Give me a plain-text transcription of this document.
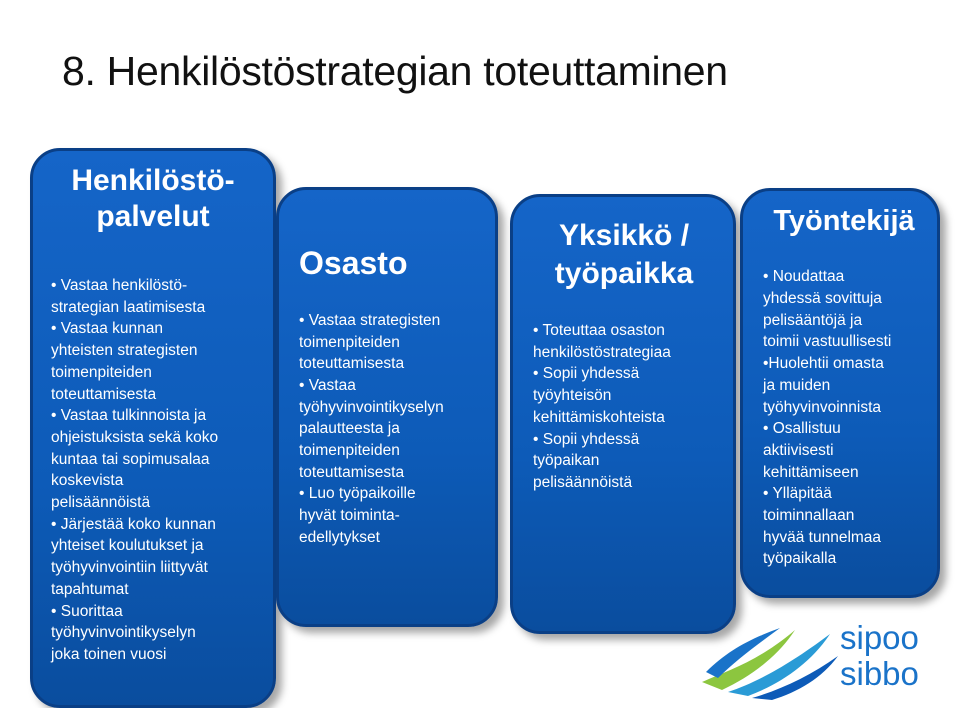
8. Henkilöstöstrategian toteuttaminen
Henkilöstö-
palvelut
• Vastaa henkilöstö-
strategian laatimisesta
• Vastaa kunnan
yhteisten strategisten
toimenpiteiden
toteuttamisesta
• Vastaa tulkinnoista ja
ohjeistuksista sekä koko
kuntaa tai sopimusalaa
koskevista
pelisäännöistä
• Järjestää koko kunnan
yhteiset koulutukset ja
työhyvinvointiin liittyvät
tapahtumat
• Suorittaa
työhyvinvointikyselyn
joka toinen vuosi
Osasto
• Vastaa strategisten
toimenpiteiden
toteuttamisesta
• Vastaa
työhyvinvointikyselyn
palautteesta ja
toimenpiteiden
toteuttamisesta
• Luo työpaikoille
hyvät toiminta-
edellytykset
Yksikkö /
työpaikka
• Toteuttaa osaston
henkilöstöstrategiaa
• Sopii yhdessä
työyhteisön
kehittämiskohteista
• Sopii yhdessä
työpaikan
pelisäännöistä
Työntekijä
• Noudattaa
yhdessä sovittuja
pelisääntöjä ja
toimii vastuullisesti
•Huolehtii omasta
ja muiden
työhyvinvoinnista
• Osallistuu
aktiivisesti
kehittämiseen
• Ylläpitää
toiminnallaan
hyvää tunnelmaa
työpaikalla
sipoo
sibbo
